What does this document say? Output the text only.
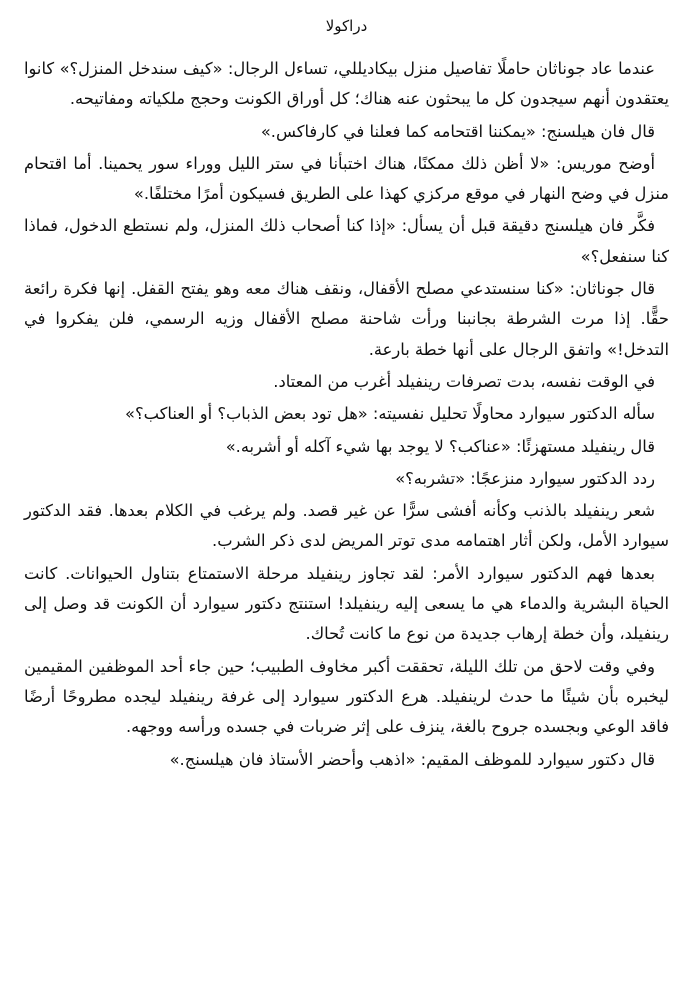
دراكولا

عندما عاد جوناثان حاملًا تفاصيل منزل بيكاديللي، تساءل الرجال: «كيف سندخل المنزل؟» كانوا يعتقدون أنهم سيجدون كل ما يبحثون عنه هناك؛ كل أوراق الكونت وحجج ملكياته ومفاتيحه.

قال فان هيلسنج: «يمكننا اقتحامه كما فعلنا في كارفاكس.»

أوضح موريس: «لا أظن ذلك ممكنًا، هناك اختبأنا في ستر الليل ووراء سور يحمينا. أما اقتحام منزل في وضح النهار في موقع مركزي كهذا على الطريق فسيكون أمرًا مختلفًا.»

فكَّر فان هيلسنج دقيقة قبل أن يسأل: «إذا كنا أصحاب ذلك المنزل، ولم نستطع الدخول، فماذا كنا سنفعل؟»

قال جوناثان: «كنا سنستدعي مصلح الأقفال، ونقف هناك معه وهو يفتح القفل. إنها فكرة رائعة حقًّا. إذا مرت الشرطة بجانبنا ورأت شاحنة مصلح الأقفال وزيه الرسمي، فلن يفكروا في التدخل!» واتفق الرجال على أنها خطة بارعة.

في الوقت نفسه، بدت تصرفات رينفيلد أغرب من المعتاد.

سأله الدكتور سيوارد محاولًا تحليل نفسيته: «هل تود بعض الذباب؟ أو العناكب؟»

قال رينفيلد مستهزئًا: «عناكب؟ لا يوجد بها شيء آكله أو أشربه.»

ردد الدكتور سيوارد منزعجًا: «تشربه؟»

شعر رينفيلد بالذنب وكأنه أفشى سرًّا عن غير قصد. ولم يرغب في الكلام بعدها. فقد الدكتور سيوارد الأمل، ولكن أثار اهتمامه مدى توتر المريض لدى ذكر الشرب.

بعدها فهم الدكتور سيوارد الأمر: لقد تجاوز رينفيلد مرحلة الاستمتاع بتناول الحيوانات. كانت الحياة البشرية والدماء هي ما يسعى إليه رينفيلد! استنتج دكتور سيوارد أن الكونت قد وصل إلى رينفيلد، وأن خطة إرهاب جديدة من نوع ما كانت تُحاك.

وفي وقت لاحق من تلك الليلة، تحققت أكبر مخاوف الطبيب؛ حين جاء أحد الموظفين المقيمين ليخبره بأن شيئًا ما حدث لرينفيلد. هرع الدكتور سيوارد إلى غرفة رينفيلد ليجده مطروحًا أرضًا فاقد الوعي وبجسده جروح بالغة، ينزف على إثر ضربات في جسده ورأسه ووجهه.

قال دكتور سيوارد للموظف المقيم: «اذهب وأحضر الأستاذ فان هيلسنج.»
